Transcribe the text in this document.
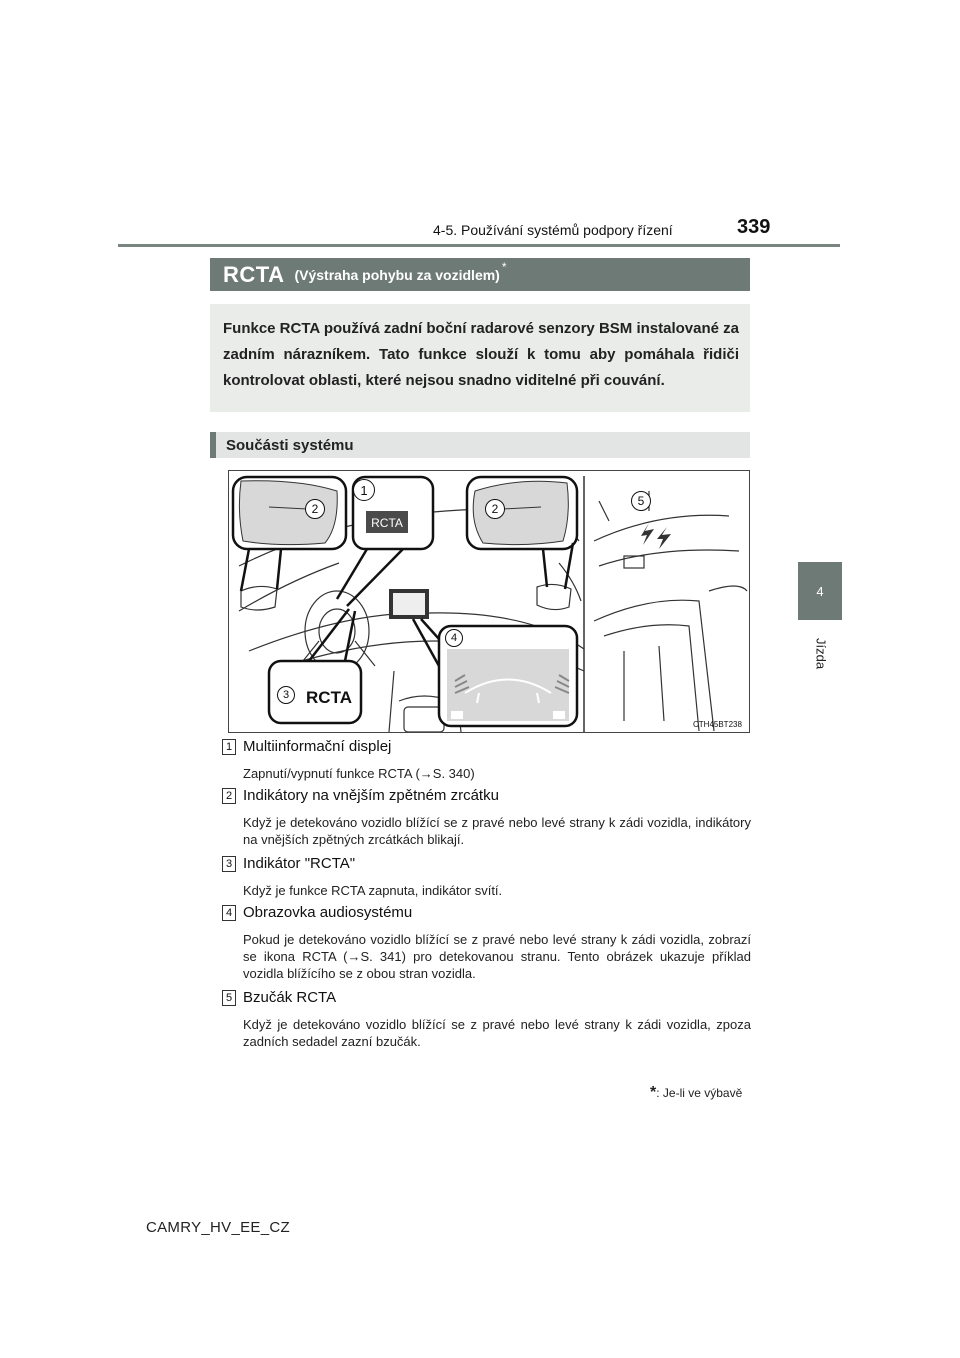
4-5. Používání systémů podpory řízení	339
4
Jízda
RCTA (Výstraha pohybu za vozidlem) *
Funkce RCTA používá zadní boční radarové senzory BSM instalované za zadním nárazníkem. Tato funkce slouží k tomu aby pomáhala řidiči kontrolovat oblasti, které nejsou snadno viditelné při couvání.
Součásti systému
RCTA
RCTA
1
2	2
3
4
5
CTH45BT238
1 Multiinformační displej
Zapnutí/vypnutí funkce RCTA (→S. 340)
2 Indikátory na vnějším zpětném zrcátku
Když je detekováno vozidlo blížící se z pravé nebo levé strany k zádi vozidla, indikátory na vnějších zpětných zrcátkách blikají.
3 Indikátor "RCTA"
Když je funkce RCTA zapnuta, indikátor svítí.
4 Obrazovka audiosystému
Pokud je detekováno vozidlo blížící se z pravé nebo levé strany k zádi vozidla, zobrazí se ikona RCTA (→S. 341) pro detekovanou stranu. Tento obrázek ukazuje příklad vozidla blížícího se z obou stran vozidla.
5 Bzučák RCTA
Když je detekováno vozidlo blížící se z pravé nebo levé strany k zádi vozidla, zpoza zadních sedadel zazní bzučák.
*: Je-li ve výbavě
CAMRY_HV_EE_CZ
